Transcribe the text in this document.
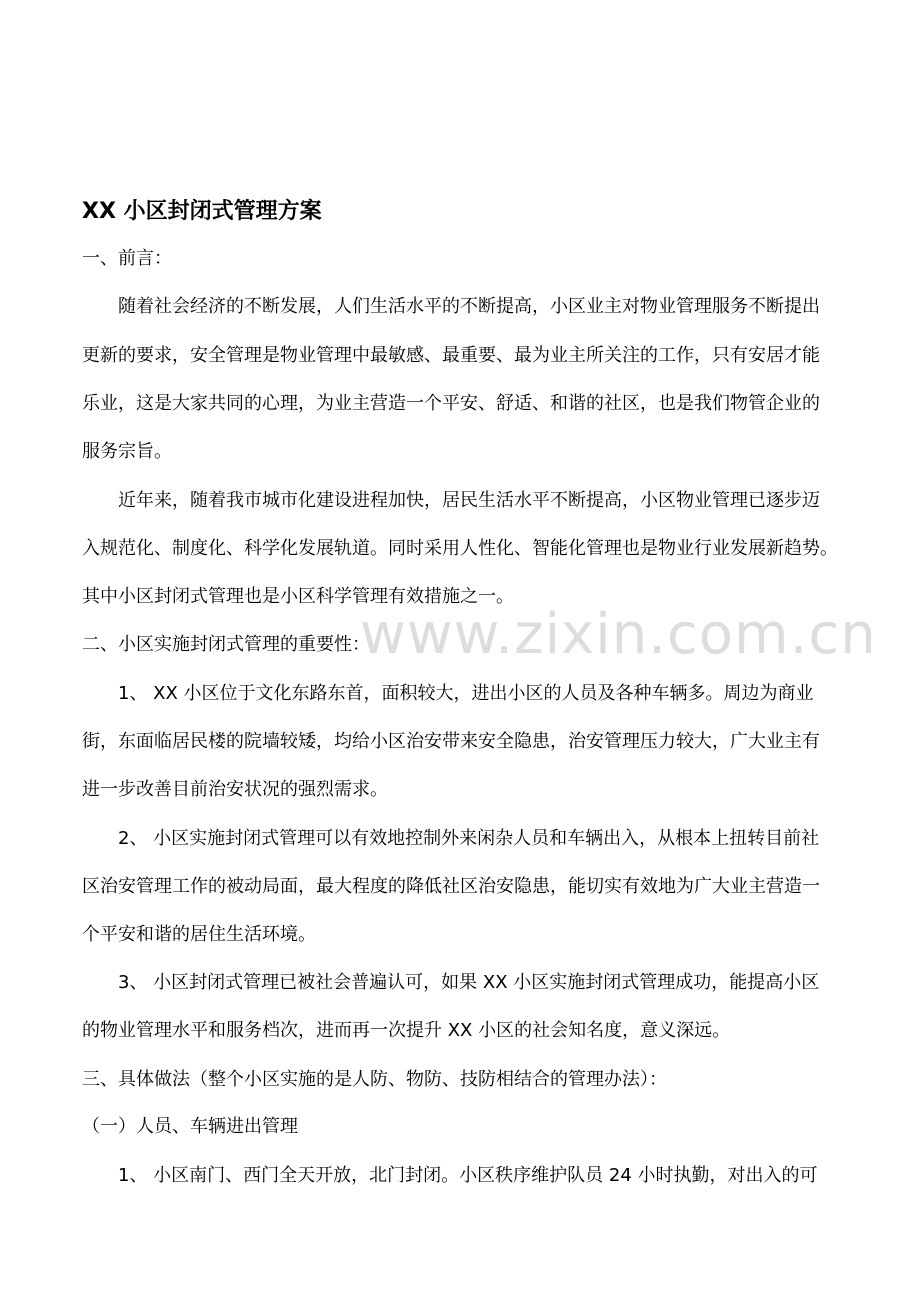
XX 小区封闭式管理方案
一、前言：
随着社会经济的不断发展，人们生活水平的不断提高，小区业主对物业管理服务不断提出
更新的要求，安全管理是物业管理中最敏感、最重要、最为业主所关注的工作，只有安居才能
乐业，这是大家共同的心理，为业主营造一个平安、舒适、和谐的社区，也是我们物管企业的
服务宗旨。
近年来，随着我市城市化建设进程加快，居民生活水平不断提高，小区物业管理已逐步迈
入规范化、制度化、科学化发展轨道。同时采用人性化、智能化管理也是物业行业发展新趋势。
其中小区封闭式管理也是小区科学管理有效措施之一。
二、小区实施封闭式管理的重要性：
1、 XX 小区位于文化东路东首，面积较大，进出小区的人员及各种车辆多。周边为商业
街，东面临居民楼的院墙较矮，均给小区治安带来安全隐患，治安管理压力较大，广大业主有
进一步改善目前治安状况的强烈需求。
2、 小区实施封闭式管理可以有效地控制外来闲杂人员和车辆出入，从根本上扭转目前社
区治安管理工作的被动局面，最大程度的降低社区治安隐患，能切实有效地为广大业主营造一
个平安和谐的居住生活环境。
3、 小区封闭式管理已被社会普遍认可，如果 XX 小区实施封闭式管理成功，能提高小区
的物业管理水平和服务档次，进而再一次提升 XX 小区的社会知名度，意义深远。
三、具体做法（整个小区实施的是人防、物防、技防相结合的管理办法）：
（一）人员、车辆进出管理
1、 小区南门、西门全天开放，北门封闭。小区秩序维护队员 24 小时执勤，对出入的可
www.zixin.com.cn
